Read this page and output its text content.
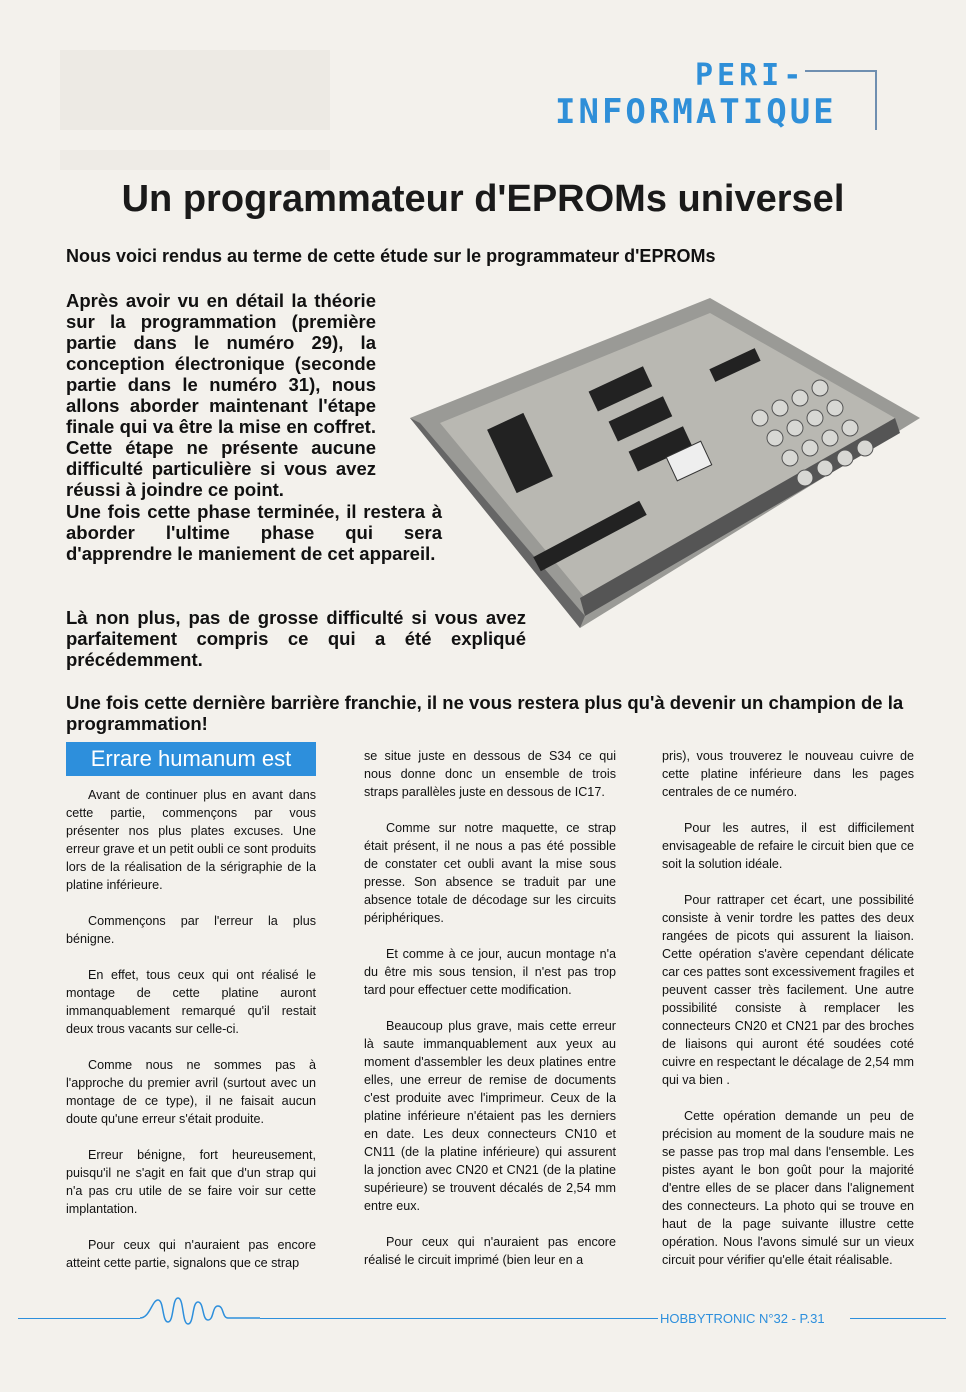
PERI-
INFORMATIQUE
Un programmateur d'EPROMs universel

Nous voici rendus au terme de cette étude sur le programmateur d'EPROMs

Après avoir vu en détail la théorie sur la programmation (première partie dans le numéro 29), la conception électronique (seconde partie dans le numéro 31), nous allons aborder maintenant l'étape finale qui va être la mise en coffret. Cette étape ne présente aucune difficulté particulière si vous avez réussi à joindre ce point.

Une fois cette phase terminée, il restera à aborder l'ultime phase qui sera d'apprendre le maniement de cet appareil.

Là non plus, pas de grosse difficulté si vous avez parfaitement compris ce qui a été expliqué précédemment.

Une fois cette dernière barrière franchie, il ne vous restera plus qu'à devenir un champion de la programmation!

Errare humanum est

Avant de continuer plus en avant dans cette partie, commençons par vous présenter nos plus plates excuses. Une erreur grave et un petit oubli ce sont produits lors de la réalisation de la sérigraphie de la platine inférieure.

Commençons par l'erreur la plus bénigne.

En effet, tous ceux qui ont réalisé le montage de cette platine auront immanquablement remarqué qu'il restait deux trous vacants sur celle-ci.

Comme nous ne sommes pas à l'approche du premier avril (surtout avec un montage de ce type), il ne faisait aucun doute qu'une erreur s'était produite.

Erreur bénigne, fort heureusement, puisqu'il ne s'agit en fait que d'un strap qui n'a pas cru utile de se faire voir sur cette implantation.

Pour ceux qui n'auraient pas encore atteint cette partie, signalons que ce strap

se situe juste en dessous de S34 ce qui nous donne donc un ensemble de trois straps parallèles juste en dessous de IC17.

Comme sur notre maquette, ce strap était présent, il ne nous a pas été possible de constater cet oubli avant la mise sous presse. Son absence se traduit par une absence totale de décodage sur les circuits périphériques.

Et comme à ce jour, aucun montage n'a du être mis sous tension, il n'est pas trop tard pour effectuer cette modification.

Beaucoup plus grave, mais cette erreur là saute immanquablement aux yeux au moment d'assembler les deux platines entre elles, une erreur de remise de documents c'est produite avec l'imprimeur. Ceux de la platine inférieure n'étaient pas les derniers en date. Les deux connecteurs CN10 et CN11 (de la platine inférieure) qui assurent la jonction avec CN20 et CN21 (de la platine supérieure) se trouvent décalés de 2,54 mm entre eux.

Pour ceux qui n'auraient pas encore réalisé le circuit imprimé (bien leur en a

pris), vous trouverez le nouveau cuivre de cette platine inférieure dans les pages centrales de ce numéro.

Pour les autres, il est difficilement envisageable de refaire le circuit bien que ce soit la solution idéale.

Pour rattraper cet écart, une possibilité consiste à venir tordre les pattes des deux rangées de picots qui assurent la liaison. Cette opération s'avère cependant délicate car ces pattes sont excessivement fragiles et peuvent casser très facilement. Une autre possibilité consiste à remplacer les connecteurs CN20 et CN21 par des broches de liaisons qui auront été soudées coté cuivre en respectant le décalage de 2,54 mm qui va bien .

Cette opération demande un peu de précision au moment de la soudure mais ne se passe pas trop mal dans l'ensemble. Les pistes ayant le bon goût pour la majorité d'entre elles de se placer dans l'alignement des connecteurs. La photo qui se trouve en haut de la page suivante illustre cette opération. Nous l'avons simulé sur un vieux circuit pour vérifier qu'elle était réalisable.

HOBBYTRONIC N°32 - P.31
